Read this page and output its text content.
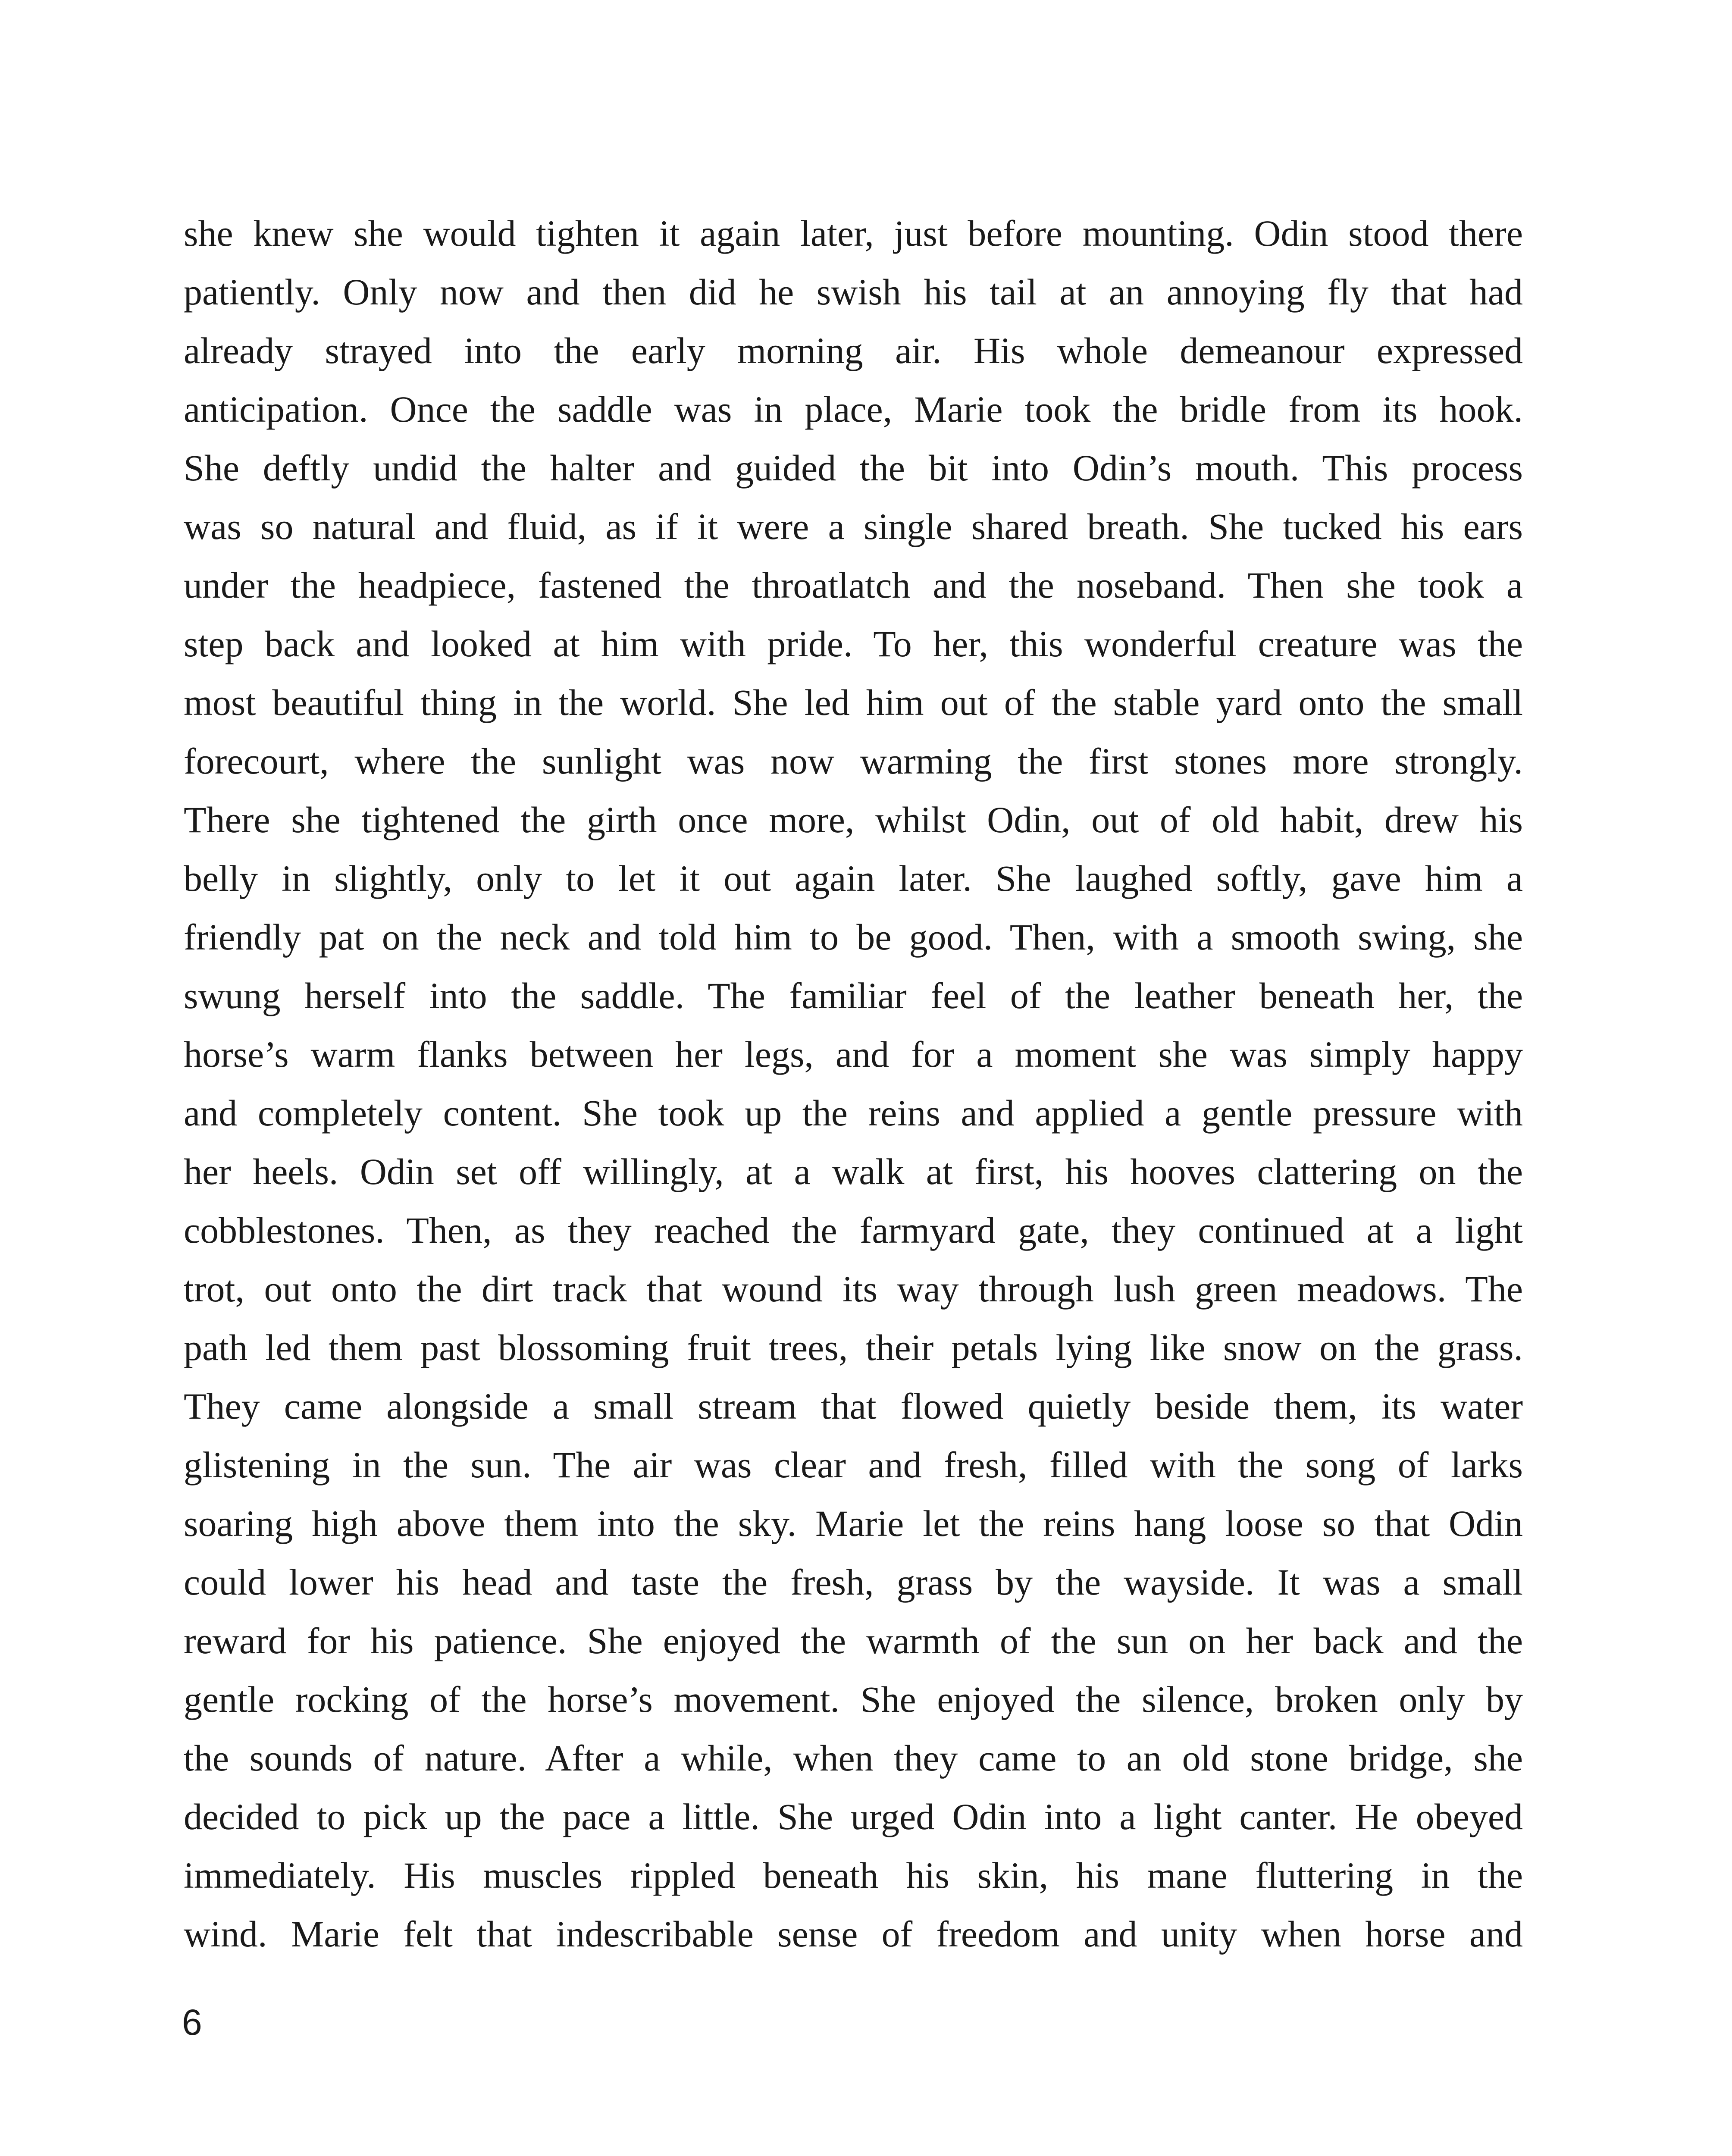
she knew she would tighten it again later, just before mounting. Odin stood there
patiently. Only now and then did he swish his tail at an annoying fly that had
already strayed into the early morning air. His whole demeanour expressed
anticipation. Once the saddle was in place, Marie took the bridle from its hook.
She deftly undid the halter and guided the bit into Odin’s mouth. This process
was so natural and fluid, as if it were a single shared breath. She tucked his ears
under the headpiece, fastened the throatlatch and the noseband. Then she took a
step back and looked at him with pride. To her, this wonderful creature was the
most beautiful thing in the world. She led him out of the stable yard onto the small
forecourt, where the sunlight was now warming the first stones more strongly.
There she tightened the girth once more, whilst Odin, out of old habit, drew his
belly in slightly, only to let it out again later. She laughed softly, gave him a
friendly pat on the neck and told him to be good. Then, with a smooth swing, she
swung herself into the saddle. The familiar feel of the leather beneath her, the
horse’s warm flanks between her legs, and for a moment she was simply happy
and completely content. She took up the reins and applied a gentle pressure with
her heels. Odin set off willingly, at a walk at first, his hooves clattering on the
cobblestones. Then, as they reached the farmyard gate, they continued at a light
trot, out onto the dirt track that wound its way through lush green meadows. The
path led them past blossoming fruit trees, their petals lying like snow on the grass.
They came alongside a small stream that flowed quietly beside them, its water
glistening in the sun. The air was clear and fresh, filled with the song of larks
soaring high above them into the sky. Marie let the reins hang loose so that Odin
could lower his head and taste the fresh, grass by the wayside. It was a small
reward for his patience. She enjoyed the warmth of the sun on her back and the
gentle rocking of the horse’s movement. She enjoyed the silence, broken only by
the sounds of nature. After a while, when they came to an old stone bridge, she
decided to pick up the pace a little. She urged Odin into a light canter. He obeyed
immediately. His muscles rippled beneath his skin, his mane fluttering in the
wind. Marie felt that indescribable sense of freedom and unity when horse and
6
